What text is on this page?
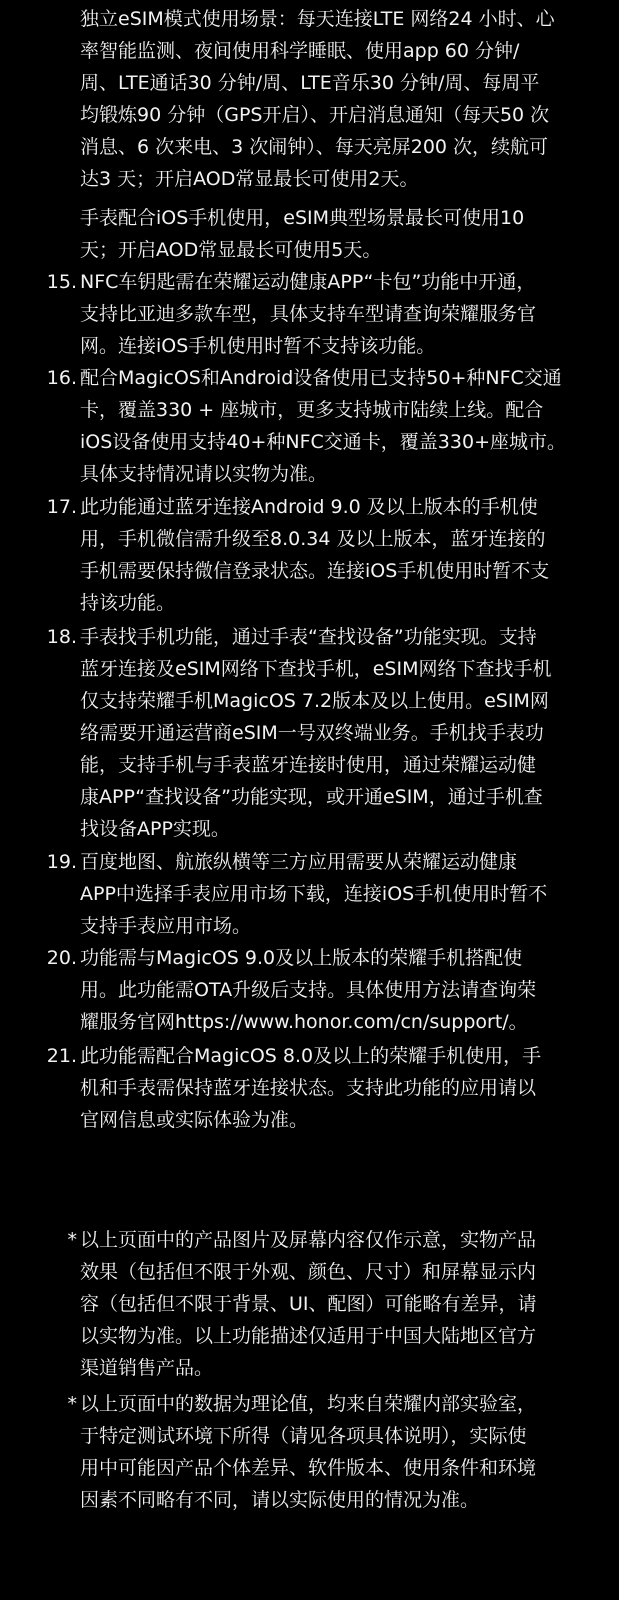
独立eSIM模式使用场景：每天连接LTE 网络24 小时、心
率智能监测、夜间使用科学睡眠、使用app 60 分钟/
周、LTE通话30 分钟/周、LTE音乐30 分钟/周、每周平
均锻炼90 分钟（GPS开启）、开启消息通知（每天50 次
消息、6 次来电、3 次闹钟）、每天亮屏200 次，续航可
达3 天；开启AOD常显最长可使用2天。
手表配合iOS手机使用，eSIM典型场景最长可使用10
天；开启AOD常显最长可使用5天。
15. NFC车钥匙需在荣耀运动健康APP“卡包”功能中开通，
支持比亚迪多款车型，具体支持车型请查询荣耀服务官
网。连接iOS手机使用时暂不支持该功能。
16. 配合MagicOS和Android设备使用已支持50+种NFC交通
卡，覆盖330 + 座城市，更多支持城市陆续上线。配合
iOS设备使用支持40+种NFC交通卡，覆盖330+座城市。
具体支持情况请以实物为准。
17. 此功能通过蓝牙连接Android 9.0 及以上版本的手机使
用，手机微信需升级至8.0.34 及以上版本，蓝牙连接的
手机需要保持微信登录状态。连接iOS手机使用时暂不支
持该功能。
18. 手表找手机功能，通过手表“查找设备”功能实现。支持
蓝牙连接及eSIM网络下查找手机，eSIM网络下查找手机
仅支持荣耀手机MagicOS 7.2版本及以上使用。eSIM网
络需要开通运营商eSIM一号双终端业务。手机找手表功
能，支持手机与手表蓝牙连接时使用，通过荣耀运动健
康APP“查找设备”功能实现，或开通eSIM，通过手机查
找设备APP实现。
19. 百度地图、航旅纵横等三方应用需要从荣耀运动健康
APP中选择手表应用市场下载，连接iOS手机使用时暂不
支持手表应用市场。
20. 功能需与MagicOS 9.0及以上版本的荣耀手机搭配使
用。此功能需OTA升级后支持。具体使用方法请查询荣
耀服务官网https://www.honor.com/cn/support/。
21. 此功能需配合MagicOS 8.0及以上的荣耀手机使用，手
机和手表需保持蓝牙连接状态。支持此功能的应用请以
官网信息或实际体验为准。
* 以上页面中的产品图片及屏幕内容仅作示意，实物产品
效果（包括但不限于外观、颜色、尺寸）和屏幕显示内
容（包括但不限于背景、UI、配图）可能略有差异，请
以实物为准。以上功能描述仅适用于中国大陆地区官方
渠道销售产品。
* 以上页面中的数据为理论值，均来自荣耀内部实验室，
于特定测试环境下所得（请见各项具体说明），实际使
用中可能因产品个体差异、软件版本、使用条件和环境
因素不同略有不同，请以实际使用的情况为准。
